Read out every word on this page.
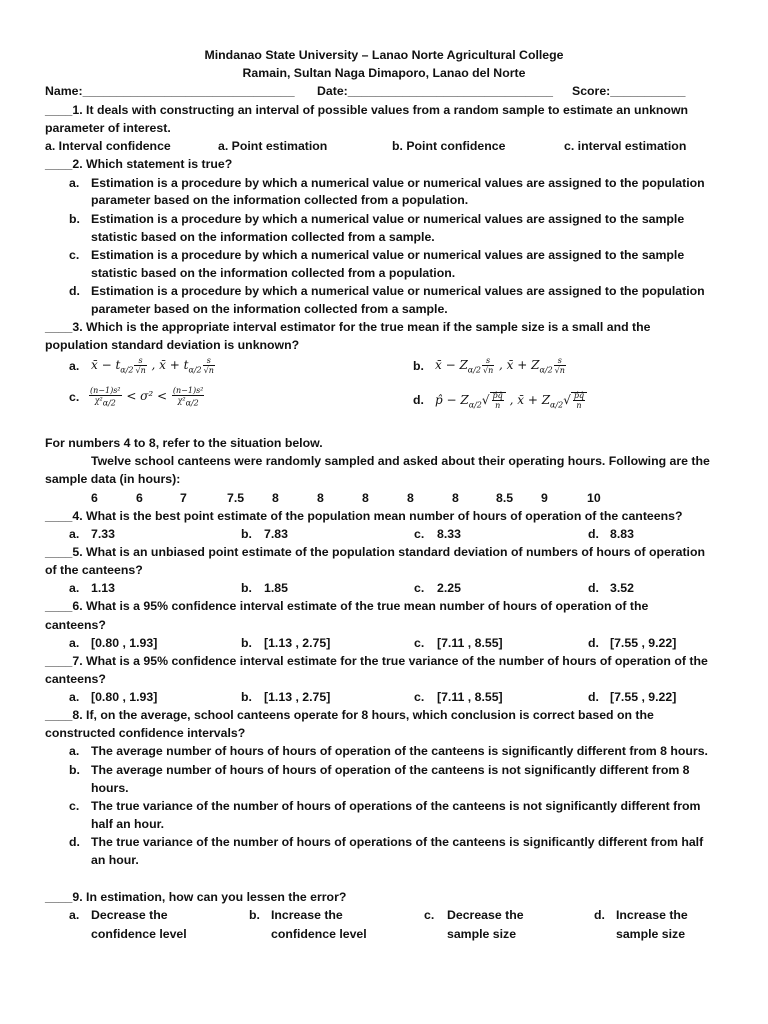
Mindanao State University – Lanao Norte Agricultural College
Ramain, Sultan Naga Dimaporo, Lanao del Norte
Name:_______________________________ Date:______________________________ Score:___________
____1. It deals with constructing an interval of possible values from a random sample to estimate an unknown
parameter of interest.
a. Interval confidence	a. Point estimation	b. Point confidence	c. interval estimation
____2. Which statement is true?
a. Estimation is a procedure by which a numerical value or numerical values are assigned to the population
parameter based on the information collected from a population.
b. Estimation is a procedure by which a numerical value or numerical values are assigned to the sample
statistic based on the information collected from a sample.
c. Estimation is a procedure by which a numerical value or numerical values are assigned to the sample
statistic based on the information collected from a population.
d. Estimation is a procedure by which a numerical value or numerical values are assigned to the population
parameter based on the information collected from a sample.
____3. Which is the appropriate interval estimator for the true mean if the sample size is a small and the
population standard deviation is unknown?
a. x̄ − $t_{\alpha/2} \frac{s}{√n}$ , x̄ + $t_{\alpha/2} \frac{s}{√n}$	b. x̄ − $Z_{\alpha/2} \frac{s}{√n}$ , x̄ + $Z_{\alpha/2} \frac{s}{√n}$
c. $\frac{\text{(n−1)s²}}{\chi^2_{\alpha/2}} < \sigma^2 < \frac{\text{(n−1)s²}}{\chi^2_{\alpha/2}}$	d. p̂ − $Z_{\alpha/2}√ \frac{p̂q̂}{n}$ , x̄ + $Z_{\alpha/2}√ \frac{p̂q̂}{n}$
For numbers 4 to 8, refer to the situation below.
Twelve school canteens were randomly sampled and asked about their operating hours. Following are the
sample data (in hours):
6	6	7	7.5 8	8	8	8	8	8.5 9	10
____4. What is the best point estimate of the population mean number of hours of operation of the canteens?
a. 7.33	b. 7.83	c. 8.33	d. 8.83
____5. What is an unbiased point estimate of the population standard deviation of numbers of hours of operation
of the canteens?
a. 1.13	b. 1.85	c. 2.25	d. 3.52
____6. What is a 95% confidence interval estimate of the true mean number of hours of operation of the
canteens?
a. [0.80 , 1.93]	b. [1.13 , 2.75]	c. [7.11 , 8.55]	d. [7.55 , 9.22]
____7. What is a 95% confidence interval estimate for the true variance of the number of hours of operation of the
canteens?
a. [0.80 , 1.93]	b. [1.13 , 2.75]	c. [7.11 , 8.55]	d. [7.55 , 9.22]
____8. If, on the average, school canteens operate for 8 hours, which conclusion is correct based on the
constructed confidence intervals?
a. The average number of hours of hours of operation of the canteens is significantly different from 8 hours.
b. The average number of hours of hours of operation of the canteens is not significantly different from 8
hours.
c. The true variance of the number of hours of operations of the canteens is not significantly different from
half an hour.
d. The true variance of the number of hours of operations of the canteens is significantly different from half
an hour.
____9. In estimation, how can you lessen the error?
a. Decrease the
confidence level
b. Increase the
confidence level
c. Decrease the
sample size
d. Increase the
sample size
